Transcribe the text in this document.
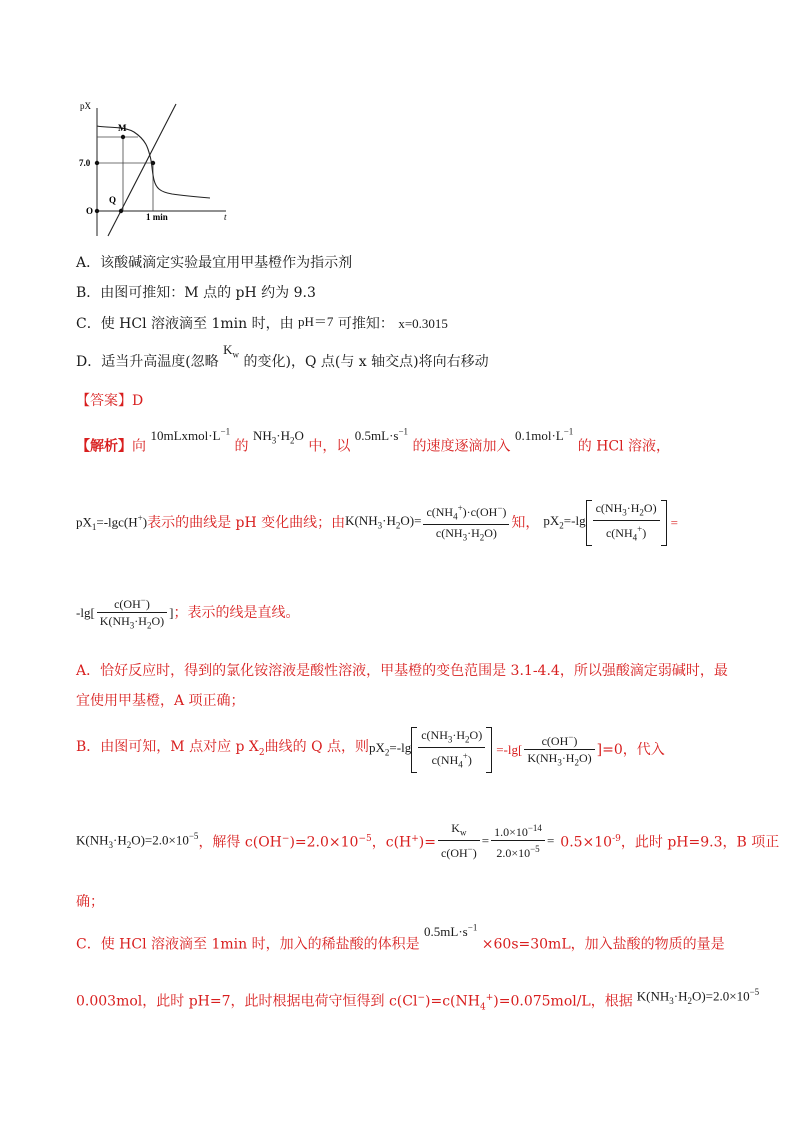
pX
M
7.0
O
Q
1 min	t
A．该酸碱滴定实验最宜用甲基橙作为指示剂
B．由图可推知：M 点的 pH 约为 9.3
C．使 HCl 溶液滴至 1min 时，由 pH＝7 可推知： x=0.3015
D．适当升高温度(忽略 $K_w$ 的变化)，Q 点(与 x 轴交点)将向右移动
【答案】D
【解析】向 $10mLxmol\cdot L^{-1}$ 的 $NH_3\cdot H_2O$ 中，以 $0.5mL\cdot s^{-1}$ 的速度逐滴加入 $0.1mol\cdot L^{-1}$ 的 HCl 溶液，
$pX_1=-\lg c(H^+)$ 表示的曲线是 pH 变化曲线；由 $K(NH_3\cdot H_2O)= \frac{c(NH_4^+)\cdot c(OH^-)}{c(NH_3\cdot H_2O)}$ 知， $pX_2=-\lg \frac{c(NH_3\cdot H_2O)}{c(NH_4^+)}$ =
$-\lg[ \frac{c(OH^-)}{K(NH_3\cdot H_2O)}$ ] ；表示的线是直线。
A．恰好反应时，得到的氯化铵溶液是酸性溶液，甲基橙的变色范围是 3.1-4.4，所以强酸滴定弱碱时，最
宜使用甲基橙，A 项正确；
B．由图可知，M 点对应 p $X_2$曲线的 Q 点，则 $pX_2=-\lg \frac{c(NH_3\cdot H_2O)}{c(NH_4^+)} =-\lg[ \frac{c(OH^-)}{K(NH_3\cdot H_2O)} ]=0$，代入
$K(NH_3\cdot H_2O)=2.0\times 10^{-5}$ ，解得 $c(OH^-)=2.0\times 10^{-5}$，$c(H^+)= \frac{K_w}{c(OH^-)} = \frac{1.0\times 10^{-14}}{2.0\times 10^{-5}} = 0.5\times 10^{-9}$，此时 pH=9.3，B 项正
确；
C．使 HCl 溶液滴至 1min 时，加入的稀盐酸的体积是 $0.5mL\cdot s^{-1} \times 60s=30mL$，加入盐酸的物质的量是
0.003mol，此时 pH=7，此时根据电荷守恒得到 $c(Cl^-)=c(NH_4^+)=0.075mol/L$，根据 $K(NH_3\cdot H_2O)=2.0\times 10^{-5}$
